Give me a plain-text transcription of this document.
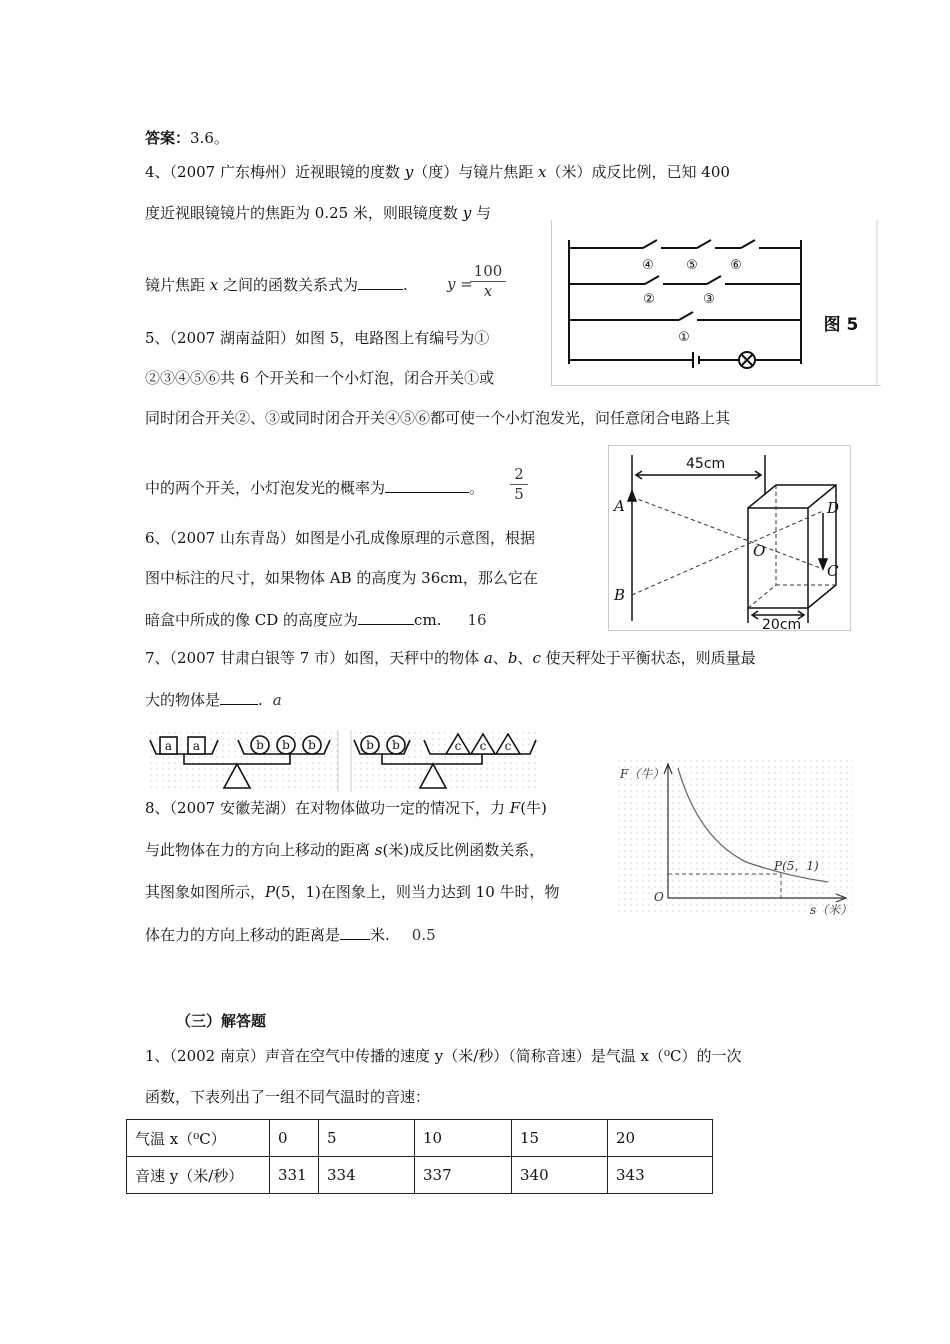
答案：3.6。
4、（2007 广东梅州）近视眼镜的度数 y（度）与镜片焦距 x（米）成反比例，已知 400
度近视眼镜镜片的焦距为 0.25 米，则眼镜度数 y 与
镜片焦距 x 之间的函数关系式为	.	y =
$\frac{100}{x}$	④ ⑤ ⑥
②	③
①
图 5
5、（2007 湖南益阳）如图 5，电路图上有编号为①
②③④⑤⑥共 6 个开关和一个小灯泡，闭合开关①或
同时闭合开关②、③或同时闭合开关④⑤⑥都可使一个小灯泡发光，问任意闭合电路上其
中的两个开关，小灯泡发光的概率为	。 $\frac{2}{5}$
45cm
20cm
A
B
O
D
C
6、（2007 山东青岛）如图是小孔成像原理的示意图，根据
图中标注的尺寸，如果物体 AB 的高度为 36cm，那么它在
暗盒中所成的像 CD 的高度应为	cm. 16
7、（2007 甘肃白银等 7 市）如图，天秤中的物体 a、b、c 使天秤处于平衡状态，则质量最
大的物体是	. a
a a	b b b	b b	c c c
F（牛）
s（米）
O
P(5，1)
8、（2007 安徽芜湖）在对物体做功一定的情况下，力 F(牛)
与此物体在力的方向上移动的距离 s(米)成反比例函数关系，
其图象如图所示，P(5，1)在图象上，则当力达到 10 牛时，物
体在力的方向上移动的距离是 米. 0.5
（三）解答题
1、（2002 南京）声音在空气中传播的速度 y（米/秒）（简称音速）是气温 x（⁰C）的一次
函数，下表列出了一组不同气温时的音速：
气温 x（⁰C）	0	5	10	15	20
音速 y（米/秒）	331	334	337	340	343
